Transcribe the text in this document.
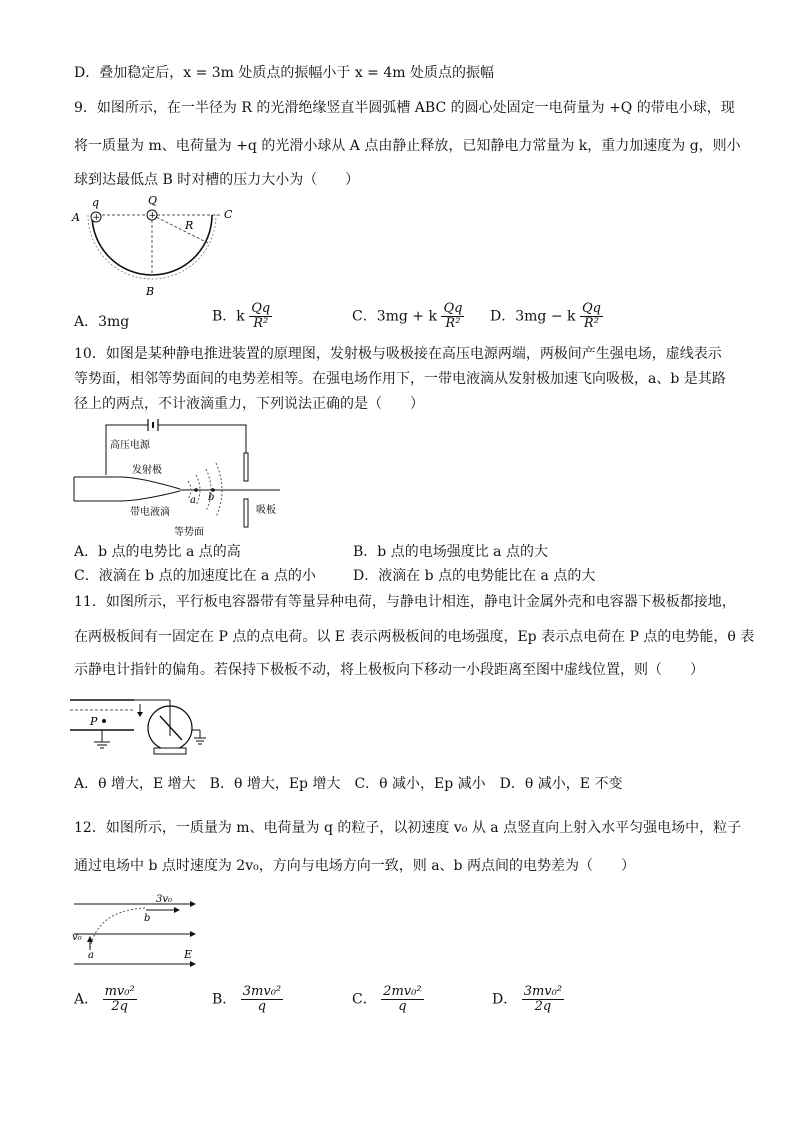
D．叠加稳定后，x = 3m 处质点的振幅小于 x = 4m 处质点的振幅
9．如图所示，在一半径为 R 的光滑绝缘竖直半圆弧槽 ABC 的圆心处固定一电荷量为 +Q 的带电小球，现
将一质量为 m、电荷量为 +q 的光滑小球从 A 点由静止释放，已知静电力常量为 k，重力加速度为 g，则小
球到达最低点 B 时对槽的压力大小为（　　）
+	+
A
q	Q
C
R
B
A．3mg	B．k $\frac{Qq}{\text{R²}}$	C．3mg + k $\frac{Qq}{\text{R²}}$ D．3mg − k $\frac{Qq}{\text{R²}}$
10．如图是某种静电推进装置的原理图，发射极与吸极接在高压电源两端，两极间产生强电场，虚线表示
等势面，相邻等势面间的电势差相等。在强电场作用下，一带电液滴从发射极加速飞向吸极，a、b 是其路
径上的两点，不计液滴重力，下列说法正确的是（　　）
高压电源
发射极
带电液滴
a b
等势面
吸板
A．b 点的电势比 a 点的高	B．b 点的电场强度比 a 点的大
C．液滴在 b 点的加速度比在 a 点的小	D．液滴在 b 点的电势能比在 a 点的大
11．如图所示，平行板电容器带有等量异种电荷，与静电计相连，静电计金属外壳和电容器下极板都接地，
在两极板间有一固定在 P 点的点电荷。以 E 表示两极板间的电场强度，Ep 表示点电荷在 P 点的电势能，θ 表
示静电计指针的偏角。若保持下极板不动，将上极板向下移动一小段距离至图中虚线位置，则（　　）
P
A．θ 增大，E 增大　B．θ 增大，Ep 增大　C．θ 减小，Ep 减小　D．θ 减小，E 不变
12．如图所示，一质量为 m、电荷量为 q 的粒子，以初速度 v₀ 从 a 点竖直向上射入水平匀强电场中，粒子
通过电场中 b 点时速度为 2v₀，方向与电场方向一致，则 a、b 两点间的电势差为（　　）
3v₀
b
v₀
a	E
A． $\frac{\text{mv₀²}}{2q}$	B． $\frac{\text{3mv₀²}}{q}$	C． $\frac{\text{2mv₀²}}{q}$	D． $\frac{\text{3mv₀²}}{2q}$
